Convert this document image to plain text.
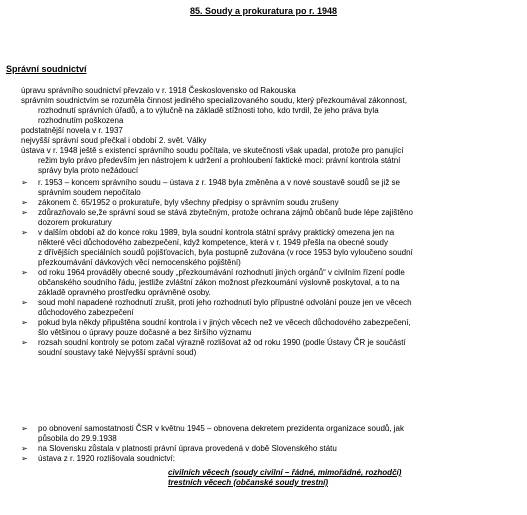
85. Soudy a prokuratura po r. 1948
Správní soudnictví
úpravu správního soudnictví převzalo v r. 1918 Československo od Rakouska
správním soudnictvím se rozuměla činnost jediného specializovaného soudu, který přezkoumával zákonnost,
rozhodnutí správních úřadů, a to výlučně na základě stížnosti toho, kdo tvrdil, že jeho práva byla
rozhodnutím poškozena
podstatnější novela v r. 1937
nejvyšší správní soud přečkal i období 2. svět. Války
ústava v r. 1948 ještě s existencí správního soudu počítala, ve skutečnosti však upadal, protože pro panující
režim bylo právo především jen nástrojem k udržení a prohloubení faktické moci: právní kontrola státní
správy byla proto nežádoucí
➢ r. 1953 – koncem správního soudu – ústava z r. 1948 byla změněna a v nové soustavě soudů se již se
správním soudem nepočítalo
➢ zákonem č. 65/1952 o prokuratuře, byly všechny předpisy o správním soudu zrušeny
➢ zdůrazňovalo se,že správní soud se stává zbytečným, protože ochrana zájmů občanů bude lépe zajištěno
dozorem prokuratury
➢ v dalším období až do konce roku 1989, byla soudní kontrola státní správy praktický omezena jen na
některé věci důchodového zabezpečení, když kompetence, která v r. 1949 přešla na obecné soudy
z dřívějších speciálních soudů pojišťovacích, byla postupně zužována (v roce 1953 bylo vyloučeno soudní
přezkoumávání dávkových věcí nemocenského pojištění)
➢ od roku 1964 prováděly obecné soudy „přezkoumávání rozhodnutí jiných orgánů“ v civilním řízení podle
občanského soudního řádu, jestliže zvláštní zákon možnost přezkoumání výslovně poskytoval, a to na
základě opravného prostředku oprávněné osoby.
➢ soud mohl napadené rozhodnutí zrušit, proti jeho rozhodnutí bylo přípustné odvolání pouze jen ve věcech
důchodového zabezpečení
➢ pokud byla někdy připuštěna soudní kontrola i v jiných věcech než ve věcech důchodového zabezpečení,
šlo většinou o úpravy pouze dočasné a bez širšího významu
➢ rozsah soudní kontroly se potom začal výrazně rozlišovat až od roku 1990 (podle Ústavy ČR je součástí
soudní soustavy také Nejvyšší správní soud)
➢ po obnovení samostatnosti ČSR v květnu 1945 – obnovena dekretem prezidenta organizace soudů, jak
působila do 29.9.1938
➢ na Slovensku zůstala v platnosti právní úprava provedená v době Slovenského státu
➢ ústava z r. 1920 rozlišovala soudnictví:
civilních věcech (soudy civilní – řádné, mimořádné, rozhodčí)
trestních věcech (občanské soudy trestní)
